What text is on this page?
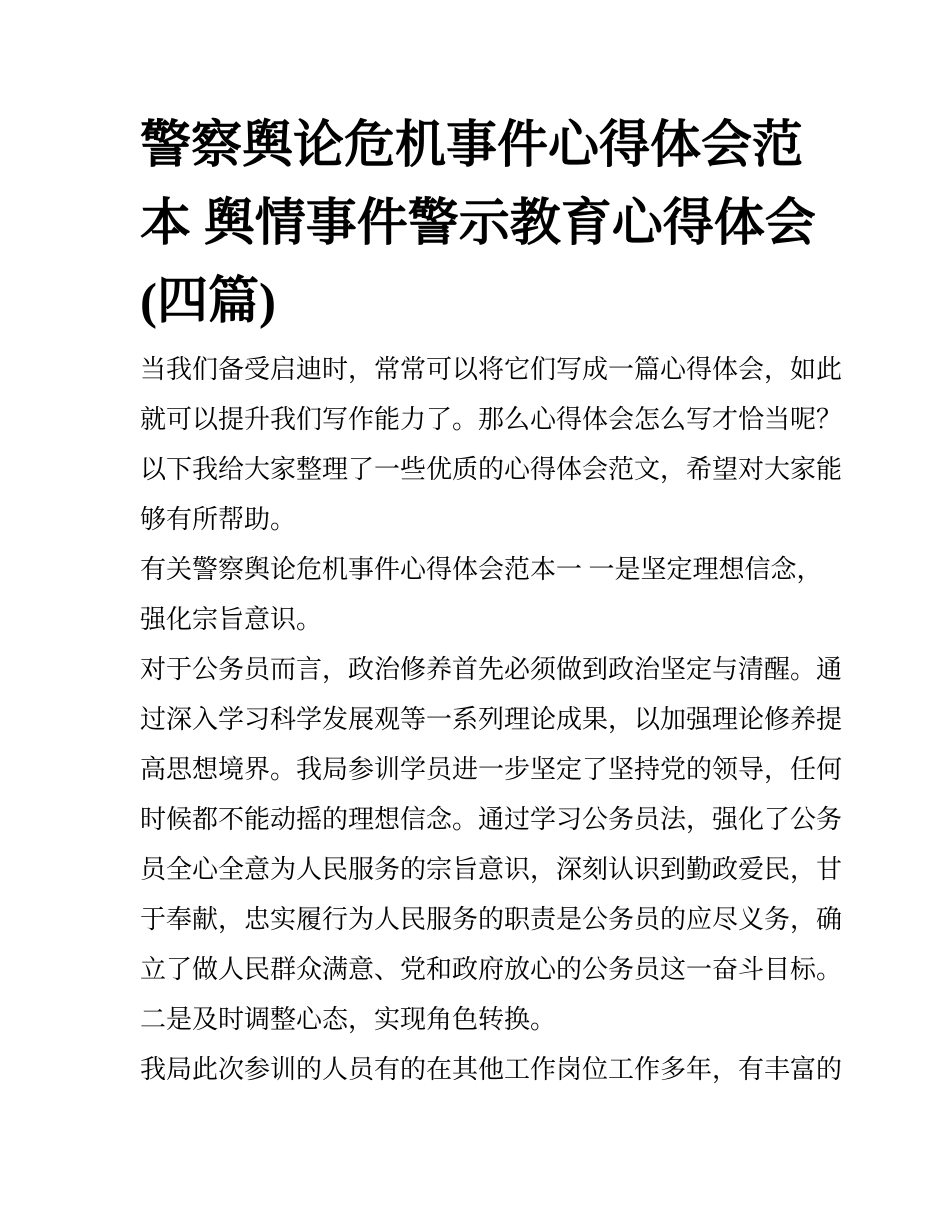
警察舆论危机事件心得体会范
本 舆情事件警示教育心得体会
(四篇)

当我们备受启迪时，常常可以将它们写成一篇心得体会，如此
就可以提升我们写作能力了。那么心得体会怎么写才恰当呢？
以下我给大家整理了一些优质的心得体会范文，希望对大家能
够有所帮助。

有关警察舆论危机事件心得体会范本一 一是坚定理想信念，
强化宗旨意识。

对于公务员而言，政治修养首先必须做到政治坚定与清醒。通
过深入学习科学发展观等一系列理论成果，以加强理论修养提
高思想境界。我局参训学员进一步坚定了坚持党的领导，任何
时候都不能动摇的理想信念。通过学习公务员法，强化了公务
员全心全意为人民服务的宗旨意识，深刻认识到勤政爱民，甘
于奉献，忠实履行为人民服务的职责是公务员的应尽义务，确
立了做人民群众满意、党和政府放心的公务员这一奋斗目标。

二是及时调整心态，实现角色转换。

我局此次参训的人员有的在其他工作岗位工作多年，有丰富的
